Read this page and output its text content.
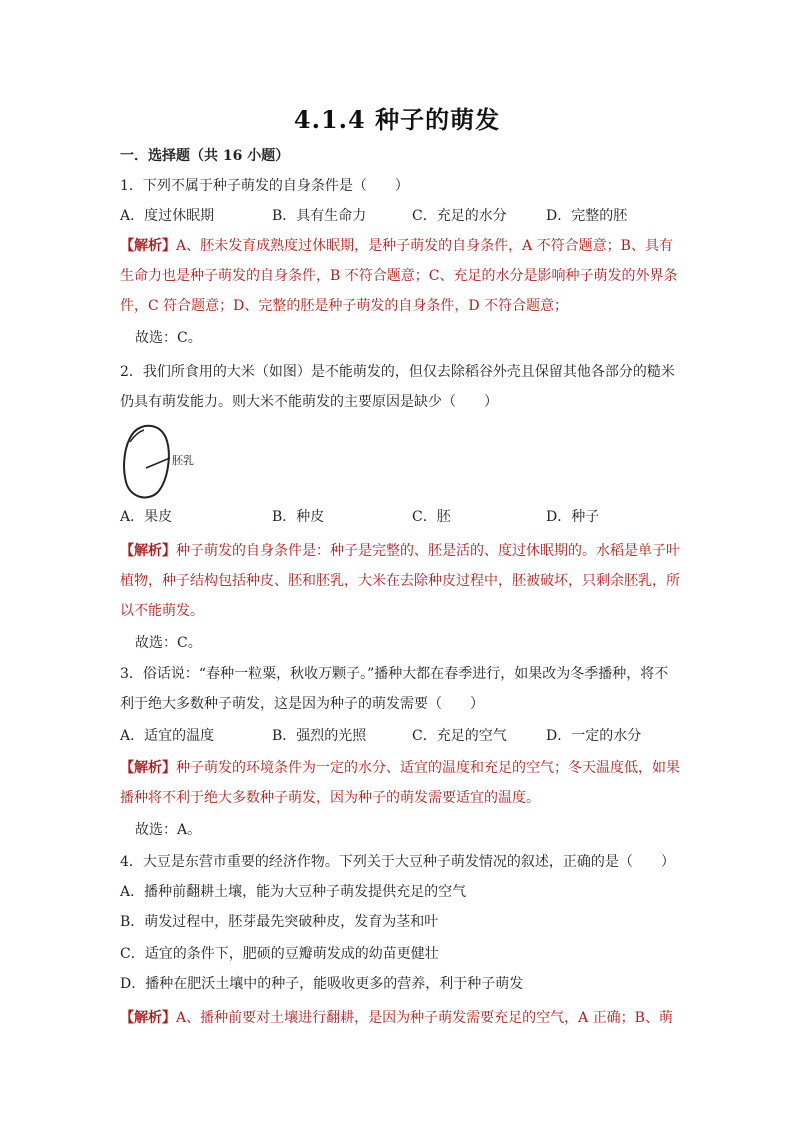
4.1.4 种子的萌发
一．选择题（共 16 小题）
1．下列不属于种子萌发的自身条件是（　　）
A．度过休眠期	B．具有生命力	C．充足的水分	D．完整的胚
【解析】A、胚未发育成熟度过休眠期，是种子萌发的自身条件，A 不符合题意；B、具有
生命力也是种子萌发的自身条件，B 不符合题意；C、充足的水分是影响种子萌发的外界条
件，C 符合题意；D、完整的胚是种子萌发的自身条件，D 不符合题意；
故选：C。
2．我们所食用的大米（如图）是不能萌发的，但仅去除稻谷外壳且保留其他各部分的糙米
仍具有萌发能力。则大米不能萌发的主要原因是缺少（　　）
胚乳
A．果皮	B．种皮	C．胚	D．种子
【解析】种子萌发的自身条件是：种子是完整的、胚是活的、度过休眠期的。水稻是单子叶
植物，种子结构包括种皮、胚和胚乳，大米在去除种皮过程中，胚被破坏，只剩余胚乳，所
以不能萌发。
故选：C。
3．俗话说：“春种一粒粟，秋收万颗子。”播种大都在春季进行，如果改为冬季播种，将不
利于绝大多数种子萌发，这是因为种子的萌发需要（　　）
A．适宜的温度	B．强烈的光照	C．充足的空气	D．一定的水分
【解析】种子萌发的环境条件为一定的水分、适宜的温度和充足的空气；冬天温度低，如果
播种将不利于绝大多数种子萌发，因为种子的萌发需要适宜的温度。
故选：A。
4．大豆是东营市重要的经济作物。下列关于大豆种子萌发情况的叙述，正确的是（　　）
A．播种前翻耕土壤，能为大豆种子萌发提供充足的空气
B．萌发过程中，胚芽最先突破种皮，发育为茎和叶
C．适宜的条件下，肥硕的豆瓣萌发成的幼苗更健壮
D．播种在肥沃土壤中的种子，能吸收更多的营养，利于种子萌发
【解析】A、播种前要对土壤进行翻耕，是因为种子萌发需要充足的空气，A 正确；B、萌
